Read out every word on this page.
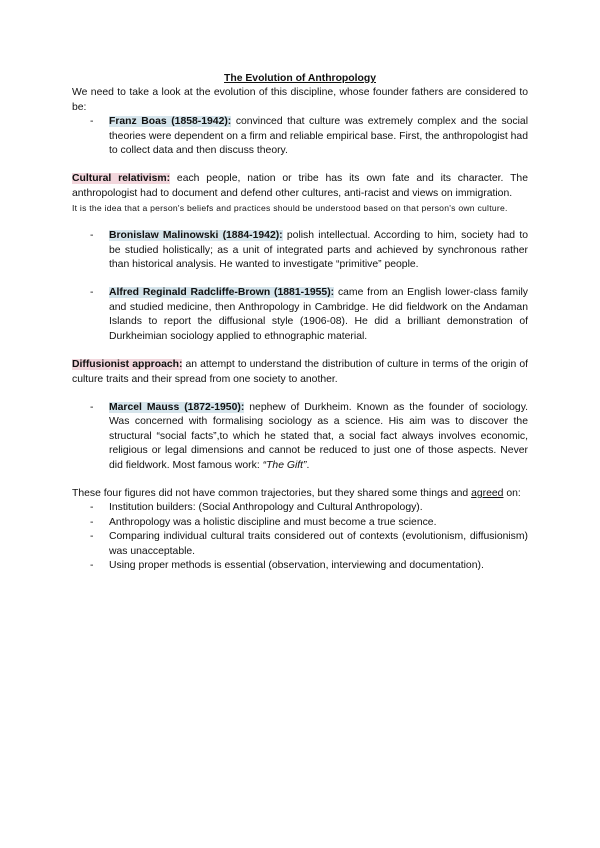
The Evolution of Anthropology

We need to take a look at the evolution of this discipline, whose founder fathers are considered to be:

- Franz Boas (1858-1942): convinced that culture was extremely complex and the social theories were dependent on a firm and reliable empirical base. First, the anthropologist had to collect data and then discuss theory.

Cultural relativism: each people, nation or tribe has its own fate and its character. The anthropologist had to document and defend other cultures, anti-racist and views on immigration.

It is the idea that a person's beliefs and practices should be understood based on that person's own culture.

- Bronislaw Malinowski (1884-1942): polish intellectual. According to him, society had to be studied holistically; as a unit of integrated parts and achieved by synchronous rather than historical analysis. He wanted to investigate “primitive” people.
- Alfred Reginald Radcliffe-Brown (1881-1955): came from an English lower-class family and studied medicine, then Anthropology in Cambridge. He did fieldwork on the Andaman Islands to report the diffusional style (1906-08). He did a brilliant demonstration of Durkheimian sociology applied to ethnographic material.

Diffusionist approach: an attempt to understand the distribution of culture in terms of the origin of culture traits and their spread from one society to another.

- Marcel Mauss (1872-1950): nephew of Durkheim. Known as the founder of sociology. Was concerned with formalising sociology as a science. His aim was to discover the structural “social facts”,to which he stated that, a social fact always involves economic, religious or legal dimensions and cannot be reduced to just one of those aspects. Never did fieldwork. Most famous work: “The Gift”.

These four figures did not have common trajectories, but they shared some things and agreed on:

- Institution builders: (Social Anthropology and Cultural Anthropology).
- Anthropology was a holistic discipline and must become a true science.
- Comparing individual cultural traits considered out of contexts (evolutionism, diffusionism) was unacceptable.
- Using proper methods is essential (observation, interviewing and documentation).
